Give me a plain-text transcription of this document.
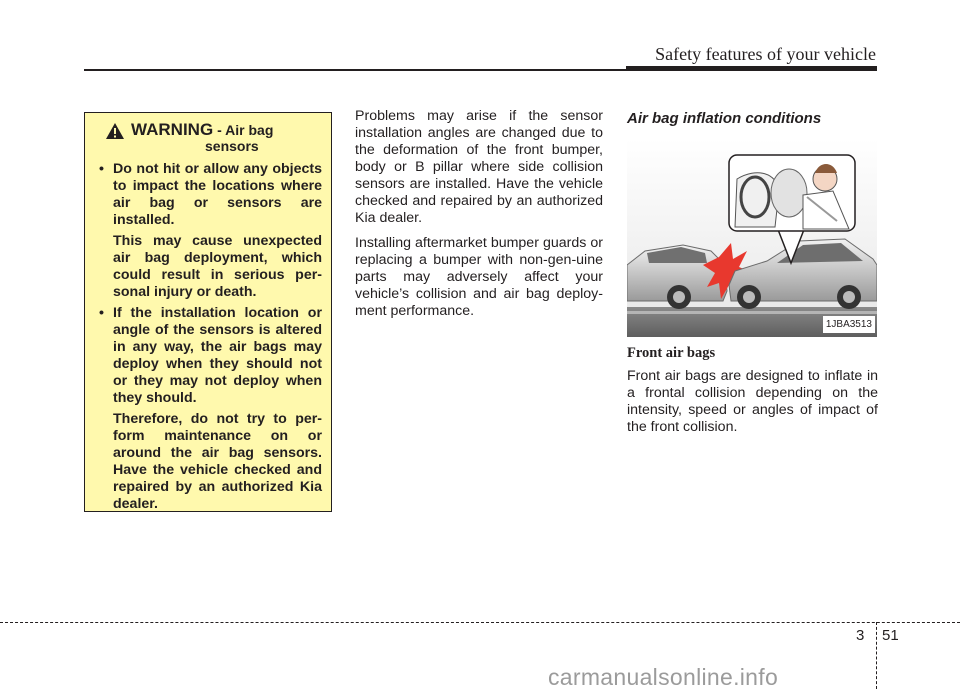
Safety features of your vehicle
WARNING - Air bag
sensors
• Do not hit or allow any objects to impact the locations where air bag or sensors are installed.

This may cause unexpected air bag deployment, which could result in serious per-sonal injury or death.

• If the installation location or angle of the sensors is altered in any way, the air bags may deploy when they should not or they may not deploy when they should.

Therefore, do not try to per-form maintenance on or around the air bag sensors. Have the vehicle checked and repaired by an authorized Kia dealer.

Problems may arise if the sensor installation angles are changed due to the deformation of the front bumper, body or B pillar where side collision sensors are installed. Have the vehicle checked and repaired by an authorized Kia dealer.

Installing aftermarket bumper guards or replacing a bumper with non-gen-uine parts may adversely affect your vehicle’s collision and air bag deploy-ment performance.

Air bag inflation conditions
1JBA3513
Front air bags

Front air bags are designed to inflate in a frontal collision depending on the intensity, speed or angles of impact of the front collision.

3 51
carmanualsonline.info
